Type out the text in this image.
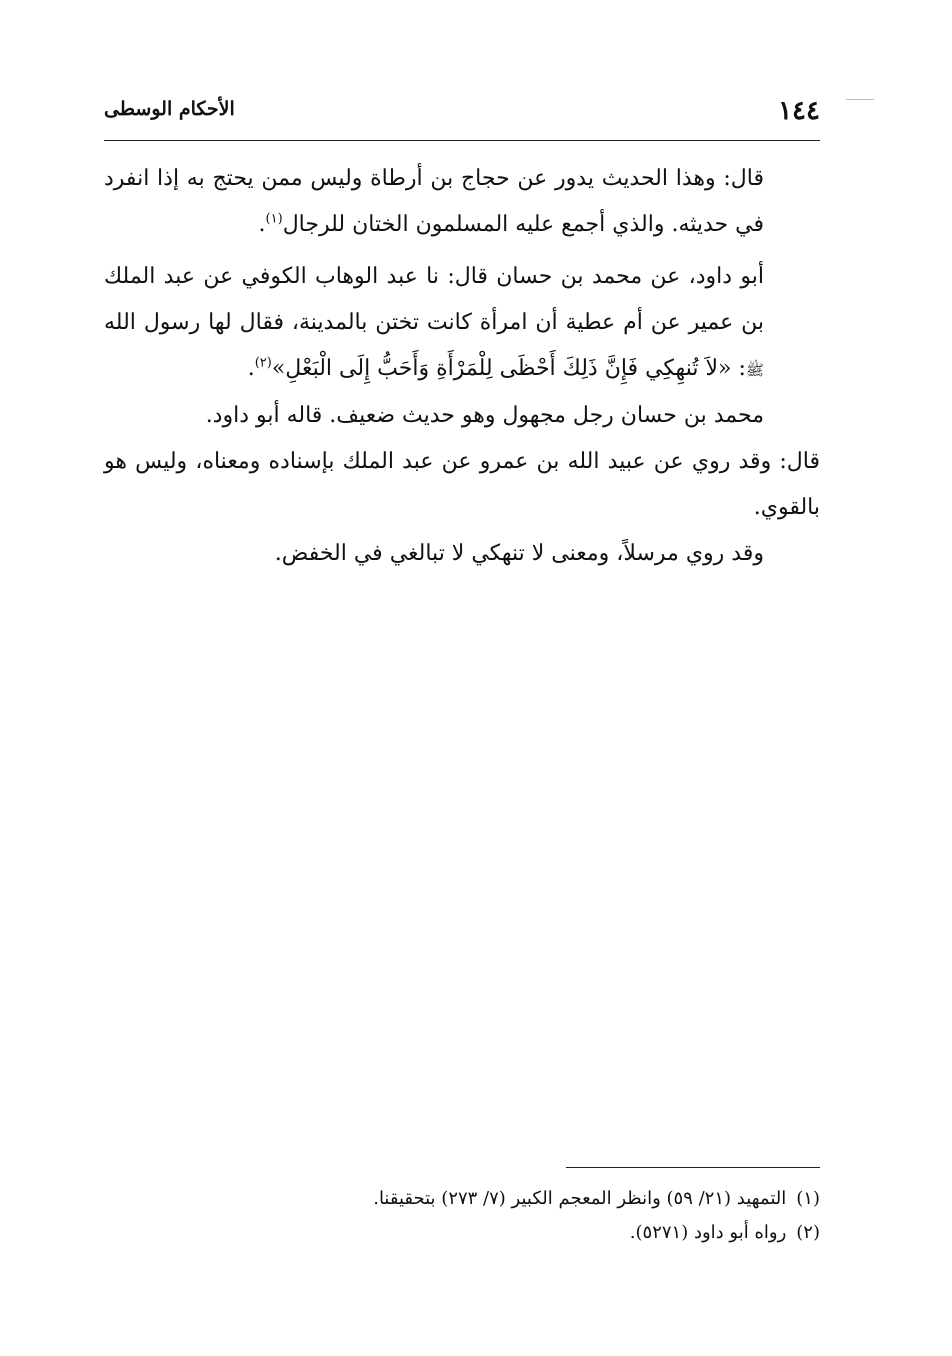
١٤٤
الأحكام الوسطى

قال: وهذا الحديث يدور عن حجاج بن أرطاة وليس ممن يحتج به إذا انفرد في حديثه. والذي أجمع عليه المسلمون الختان للرجال$^{(١)}$.

أبو داود، عن محمد بن حسان قال: نا عبد الوهاب الكوفي عن عبد الملك بن عمير عن أم عطية أن امرأة كانت تختن بالمدينة، فقال لها رسول الله ﷺ: «لاَ تُنهِكِي فَإِنَّ ذَلِكَ أَحْظَى لِلْمَرْأَةِ وَأَحَبُّ إِلَى الْبَعْلِ»$^{(٢)}$.

محمد بن حسان رجل مجهول وهو حديث ضعيف. قاله أبو داود.

قال: وقد روي عن عبيد الله بن عمرو عن عبد الملك بإسناده ومعناه، وليس هو بالقوي.

وقد روي مرسلاً، ومعنى لا تنهكي لا تبالغي في الخفض.

(١)التمهيد (٢١/ ٥٩) وانظر المعجم الكبير (٧/ ٢٧٣) بتحقيقنا.

(٢)رواه أبو داود (٥٢٧١).
